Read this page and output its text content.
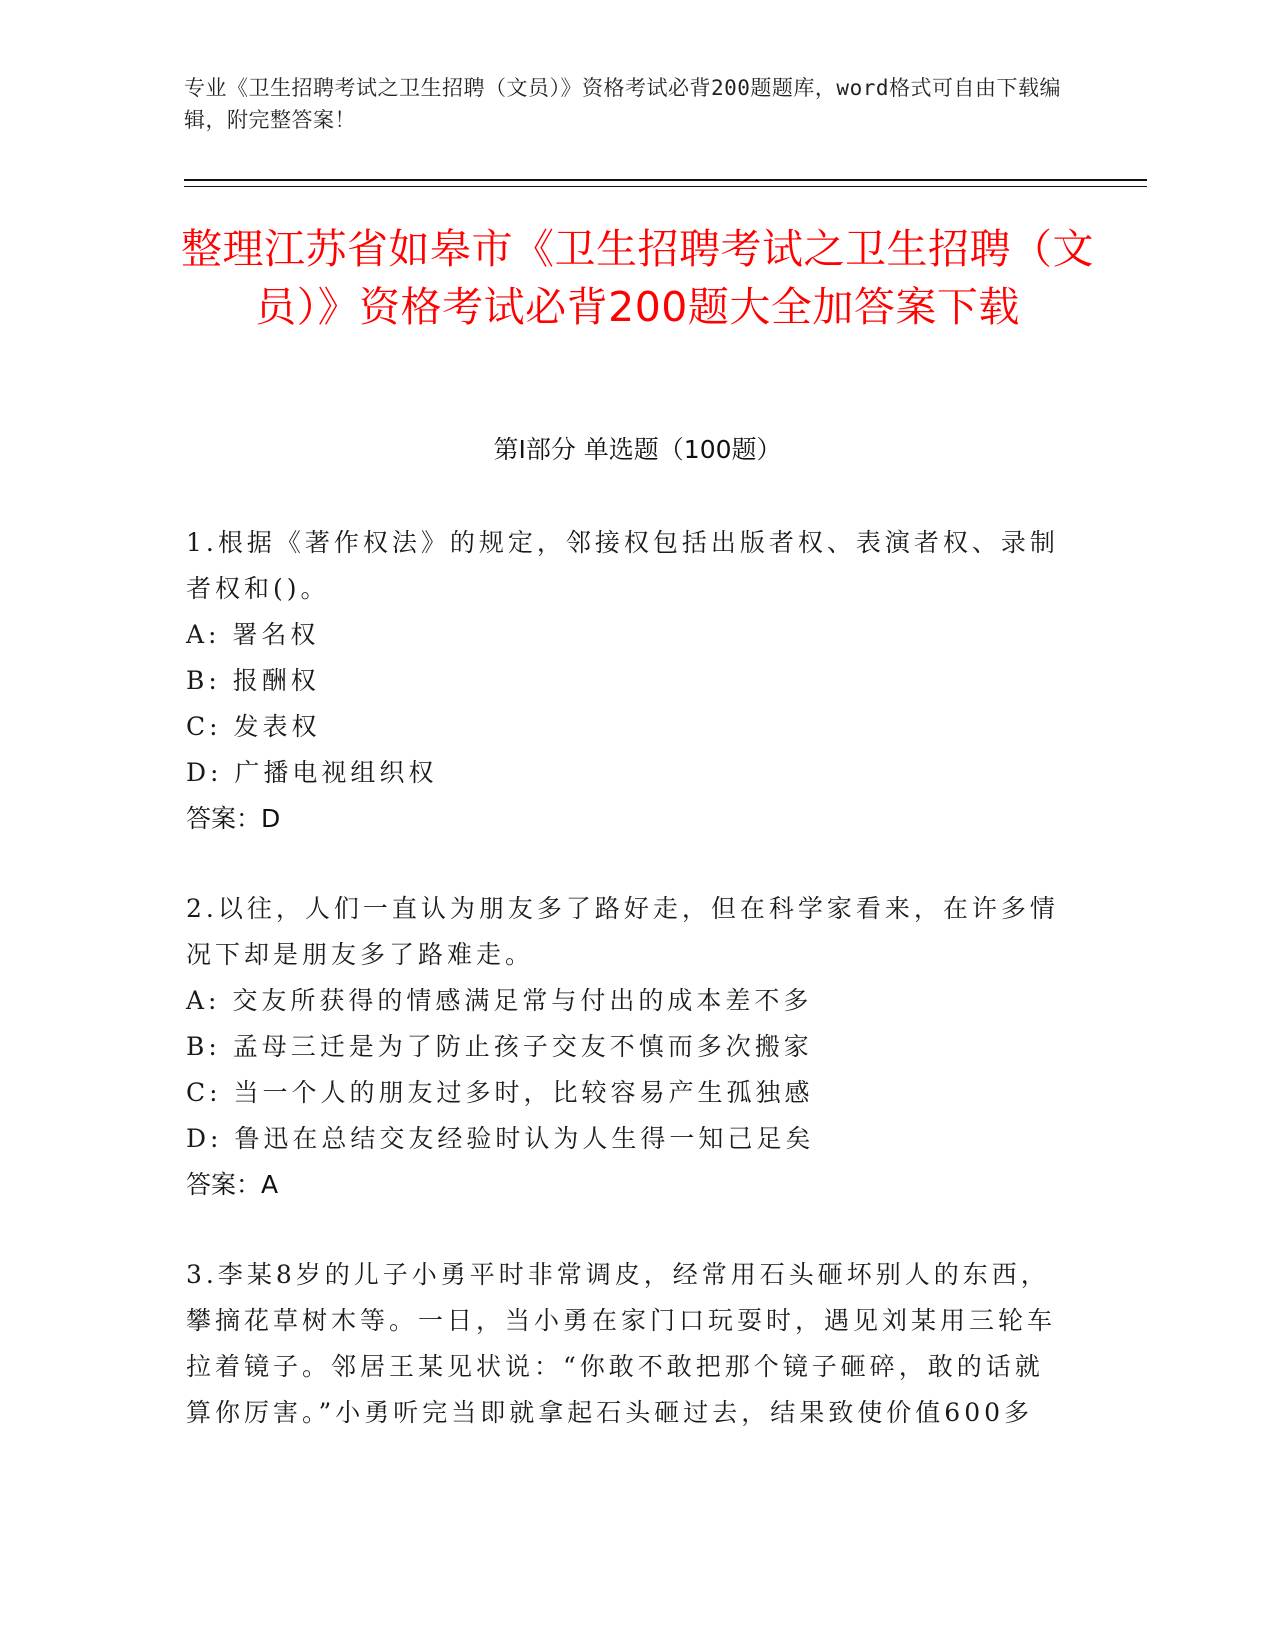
专业《卫生招聘考试之卫生招聘（文员）》资格考试必背200题题库，word格式可自由下载编辑，附完整答案！
整理江苏省如皋市《卫生招聘考试之卫生招聘（文员）》资格考试必背200题大全加答案下载
第Ⅰ部分 单选题（100题）
1.根据《著作权法》的规定，邻接权包括出版者权、表演者权、录制者权和()。
A: 署名权
B: 报酬权
C: 发表权
D: 广播电视组织权
答案：D
2.以往，人们一直认为朋友多了路好走，但在科学家看来，在许多情况下却是朋友多了路难走。
A: 交友所获得的情感满足常与付出的成本差不多
B: 孟母三迁是为了防止孩子交友不慎而多次搬家
C: 当一个人的朋友过多时，比较容易产生孤独感
D: 鲁迅在总结交友经验时认为人生得一知己足矣
答案：A
3.李某8岁的儿子小勇平时非常调皮，经常用石头砸坏别人的东西，攀摘花草树木等。一日，当小勇在家门口玩耍时，遇见刘某用三轮车拉着镜子。邻居王某见状说：“你敢不敢把那个镜子砸碎，敢的话就算你厉害。”小勇听完当即就拿起石头砸过去，结果致使价值600多
